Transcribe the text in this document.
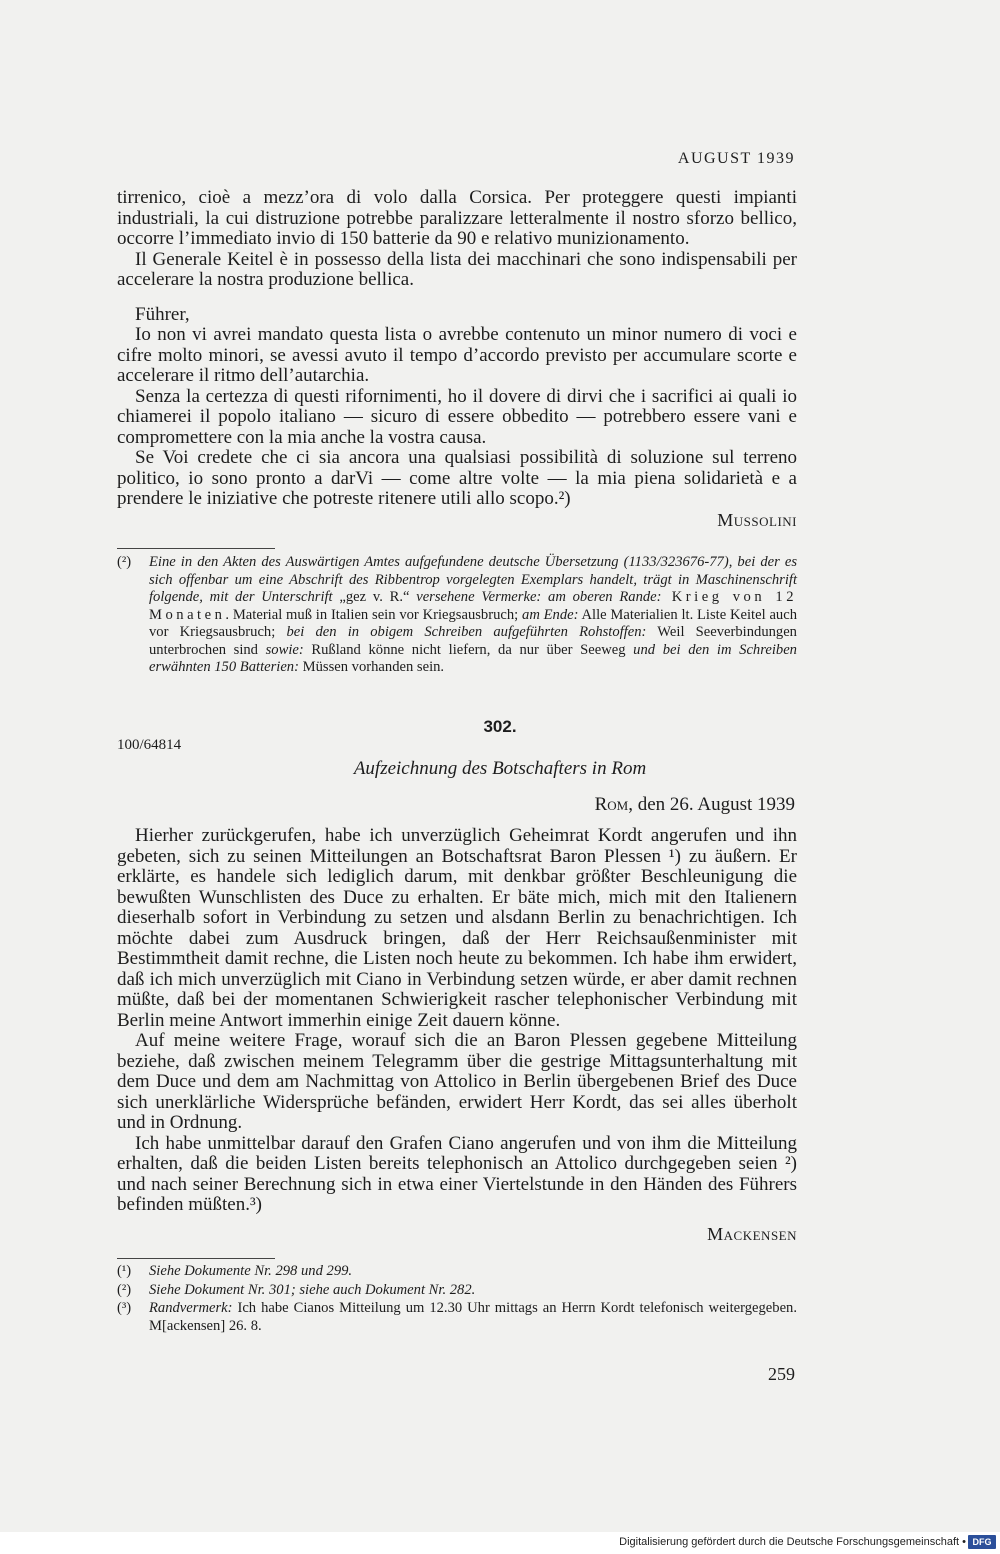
AUGUST 1939

tirrenico, cioè a mezz’ora di volo dalla Corsica. Per proteggere questi impianti industriali, la cui distruzione potrebbe paralizzare letteralmente il nostro sforzo bellico, occorre l’immediato invio di 150 batterie da 90 e relativo munizionamento.

Il Generale Keitel è in possesso della lista dei macchinari che sono indispensabili per accelerare la nostra produzione bellica.

Führer,

Io non vi avrei mandato questa lista o avrebbe contenuto un minor numero di voci e cifre molto minori, se avessi avuto il tempo d’accordo previsto per accumulare scorte e accelerare il ritmo dell’autarchia.

Senza la certezza di questi rifornimenti, ho il dovere di dirvi che i sacrifici ai quali io chiamerei il popolo italiano — sicuro di essere obbedito — potrebbero essere vani e compromettere con la mia anche la vostra causa.

Se Voi credete che ci sia ancora una qualsiasi possibilità di soluzione sul terreno politico, io sono pronto a darVi — come altre volte — la mia piena solidarietà e a prendere le iniziative che potreste ritenere utili allo scopo.²)

Mussolini
(²)	Eine in den Akten des Auswärtigen Amtes aufgefundene deutsche Übersetzung (1133/323676-77), bei der es sich offenbar um eine Abschrift des Ribbentrop vorgelegten Exemplars handelt, trägt in Maschinenschrift folgende, mit der Unterschrift „gez v. R.“ versehene Vermerke: am oberen Rande: Krieg von 12 Monaten. Material muß in Italien sein vor Kriegsausbruch; am Ende: Alle Materialien lt. Liste Keitel auch vor Kriegsausbruch; bei den in obigem Schreiben aufgeführten Rohstoffen: Weil Seeverbindungen unterbrochen sind sowie: Rußland könne nicht liefern, da nur über Seeweg und bei den im Schreiben erwähnten 150 Batterien: Müssen vorhanden sein.
302.
100/64814
Aufzeichnung des Botschafters in Rom
Rom, den 26. August 1939

Hierher zurückgerufen, habe ich unverzüglich Geheimrat Kordt angerufen und ihn gebeten, sich zu seinen Mitteilungen an Botschaftsrat Baron Plessen ¹) zu äußern. Er erklärte, es handele sich lediglich darum, mit denkbar größter Beschleunigung die bewußten Wunschlisten des Duce zu erhalten. Er bäte mich, mich mit den Italienern dieserhalb sofort in Verbindung zu setzen und alsdann Berlin zu benachrichtigen. Ich möchte dabei zum Ausdruck bringen, daß der Herr Reichsaußenminister mit Bestimmtheit damit rechne, die Listen noch heute zu bekommen. Ich habe ihm erwidert, daß ich mich unverzüglich mit Ciano in Verbindung setzen würde, er aber damit rechnen müßte, daß bei der momentanen Schwierigkeit rascher telephonischer Verbindung mit Berlin meine Antwort immerhin einige Zeit dauern könne.

Auf meine weitere Frage, worauf sich die an Baron Plessen gegebene Mitteilung beziehe, daß zwischen meinem Telegramm über die gestrige Mittagsunterhaltung mit dem Duce und dem am Nachmittag von Attolico in Berlin übergebenen Brief des Duce sich unerklärliche Widersprüche befänden, erwidert Herr Kordt, das sei alles überholt und in Ordnung.

Ich habe unmittelbar darauf den Grafen Ciano angerufen und von ihm die Mitteilung erhalten, daß die beiden Listen bereits telephonisch an Attolico durchgegeben seien ²) und nach seiner Berechnung sich in etwa einer Viertelstunde in den Händen des Führers befinden müßten.³)

Mackensen
(¹)	Siehe Dokumente Nr. 298 und 299.
(²)	Siehe Dokument Nr. 301; siehe auch Dokument Nr. 282.
(³)	Randvermerk: Ich habe Cianos Mitteilung um 12.30 Uhr mittags an Herrn Kordt telefonisch weitergegeben. M[ackensen] 26. 8.
259
Digitalisierung gefördert durch die Deutsche Forschungsgemeinschaft • DFG
